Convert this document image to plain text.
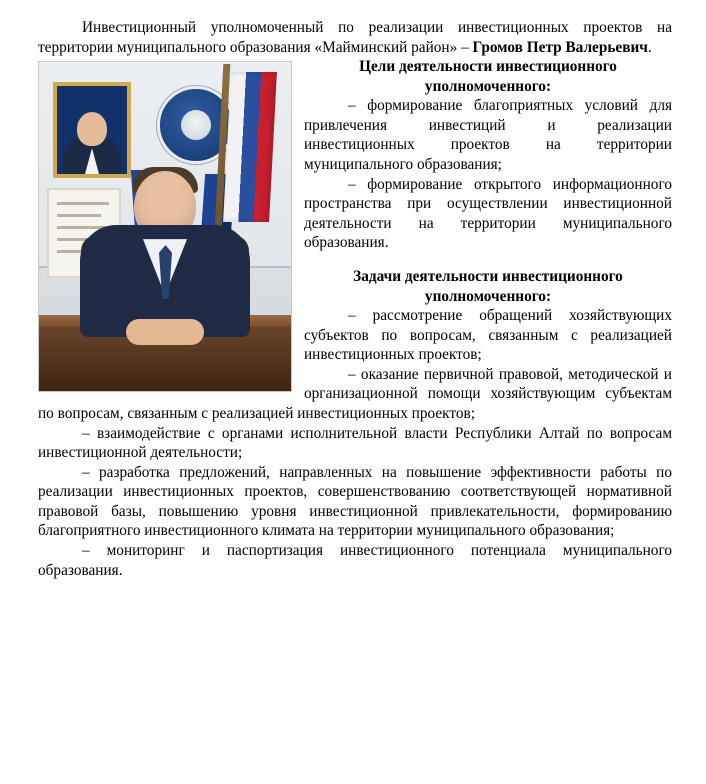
Инвестиционный уполномоченный по реализации инвестиционных проектов на территории муниципального образования «Майминский район» – Громов Петр Валерьевич.

Цели деятельности инвестиционного уполномоченного:

– формирование благоприятных условий для привлечения инвестиций и реализации инвестиционных проектов на территории муниципального образования;

– формирование открытого информационного пространства при осуществлении инвестиционной деятельности на территории муниципального образования.

Задачи деятельности инвестиционного уполномоченного:

– рассмотрение обращений хозяйствующих субъектов по вопросам, связанным с реализацией инвестиционных проектов;

– оказание первичной правовой, методической и организационной помощи хозяйствующим субъектам по вопросам, связанным с реализацией инвестиционных проектов;

– взаимодействие с органами исполнительной власти Республики Алтай по вопросам инвестиционной деятельности;

– разработка предложений, направленных на повышение эффективности работы по реализации инвестиционных проектов, совершенствованию соответствующей нормативной правовой базы, повышению уровня инвестиционной привлекательности, формированию благоприятного инвестиционного климата на территории муниципального образования;

– мониторинг и паспортизация инвестиционного потенциала муниципального образования.
